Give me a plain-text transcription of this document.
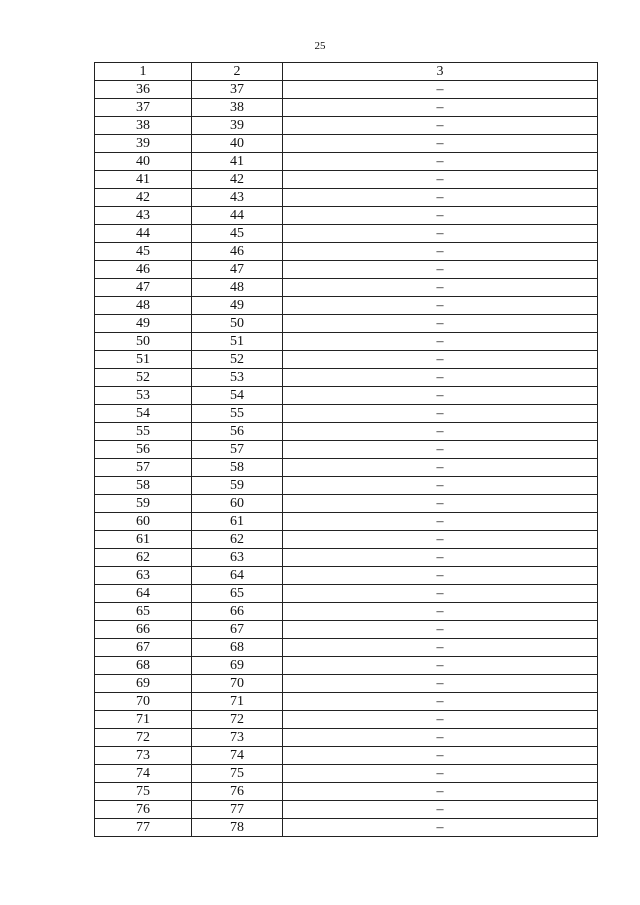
25
1	2	3
36	37	–
37	38	–
38	39	–
39	40	–
40	41	–
41	42	–
42	43	–
43	44	–
44	45	–
45	46	–
46	47	–
47	48	–
48	49	–
49	50	–
50	51	–
51	52	–
52	53	–
53	54	–
54	55	–
55	56	–
56	57	–
57	58	–
58	59	–
59	60	–
60	61	–
61	62	–
62	63	–
63	64	–
64	65	–
65	66	–
66	67	–
67	68	–
68	69	–
69	70	–
70	71	–
71	72	–
72	73	–
73	74	–
74	75	–
75	76	–
76	77	–
77	78	–
